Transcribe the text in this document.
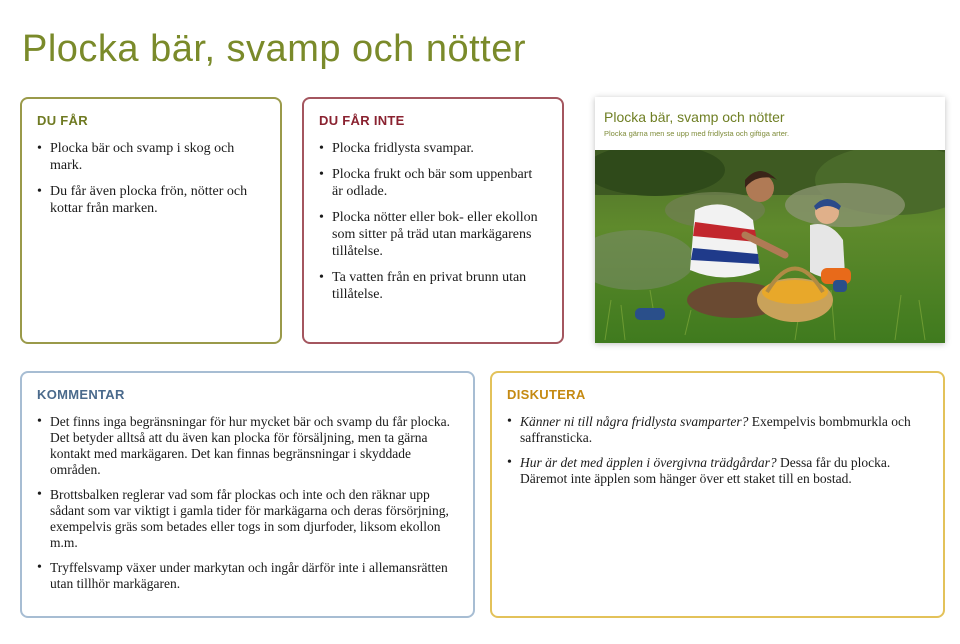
Plocka bär, svamp och nötter
DU FÅR
• Plocka bär och svamp i skog och mark.
• Du får även plocka frön, nötter och kottar från marken.
DU FÅR INTE
• Plocka fridlysta svampar.
• Plocka frukt och bär som uppenbart är odlade.
• Plocka nötter eller bok- eller ekollon som sitter på träd utan markägarens tillåtelse.
• Ta vatten från en privat brunn utan tillåtelse.
Plocka bär, svamp och nötter
Plocka gärna men se upp med fridlysta och giftiga arter.
KOMMENTAR
• Det finns inga begränsningar för hur mycket bär och svamp du får plocka. Det betyder alltså att du även kan plocka för försäljning, men ta gärna kontakt med markägaren. Det kan finnas begränsningar i skyddade områden.
• Brottsbalken reglerar vad som får plockas och inte och den räknar upp sådant som var viktigt i gamla tider för markägarna och deras försörjning, exempelvis gräs som betades eller togs in som djurfoder, liksom ekollon m.m.
• Tryffelsvamp växer under markytan och ingår därför inte i allemansrätten utan tillhör markägaren.
DISKUTERA
• Känner ni till några fridlysta svamparter? Exempelvis bombmurkla och saffransticka.
• Hur är det med äpplen i övergivna trädgårdar? Dessa får du plocka. Däremot inte äpplen som hänger över ett staket till en bostad.
